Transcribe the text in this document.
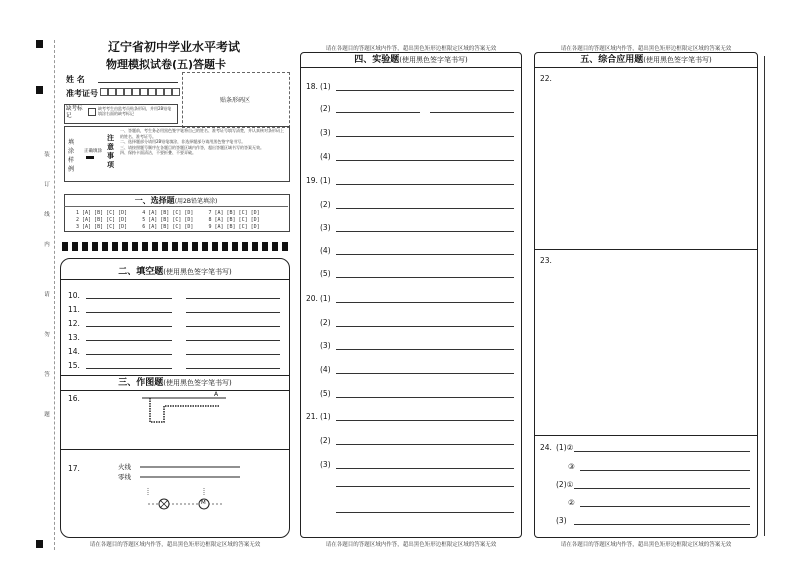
装
订
线
内
请
勿
答
题
辽宁省初中学业水平考试
物理模拟试卷(五)答题卡
姓 名
准考证号
贴条形码区
缺考标记
缺考考生由监考员贴条形码，并用2B铅笔填涂右面的缺考标记
填涂样例
正确填涂
注意事项
一、答题前，考生务必用黑色签字笔将自己的姓名、准考证号填写清楚，并认真核对条形码上的姓名、准考证号。
二、选择题部分请用2B铅笔填涂，非选择题部分请用黑色签字笔书写。
三、请按照题号顺序在各题目的答题区域内作答，超出答题区域书写的答案无效。
四、保持卡面清洁，不要折叠、不要弄破。
一、选择题(用2B铅笔填涂)
1 [A] [B] [C] [D]     4 [A] [B] [C] [D]     7 [A] [B] [C] [D]
2 [A] [B] [C] [D]     5 [A] [B] [C] [D]     8 [A] [B] [C] [D]
3 [A] [B] [C] [D]     6 [A] [B] [C] [D]     9 [A] [B] [C] [D]
二、填空题(使用黑色签字笔书写)
三、作图题(使用黑色签字笔书写)
请在各题目的答题区域内作答，超出黑色矩形边框限定区域的答案无效
10.
11.
12.
13.
14.
15.
16.	A
17.	火线
零线
M
请在各题目的答题区域内作答，超出黑色矩形边框限定区域的答案无效
四、实验题(使用黑色签字笔书写)
请在各题目的答题区域内作答，超出黑色矩形边框限定区域的答案无效
18. (1)
(2)
(3)
(4)
19. (1)
(2)
(3)
(4)
(5)
20. (1)
(2)
(3)
(4)
(5)
21. (1)
(2)
(3)
请在各题目的答题区域内作答，超出黑色矩形边框限定区域的答案无效
五、综合应用题(使用黑色签字笔书写)
请在各题目的答题区域内作答，超出黑色矩形边框限定区域的答案无效
22.
23.
24. (1)②
③
(2)①
②
(3)
